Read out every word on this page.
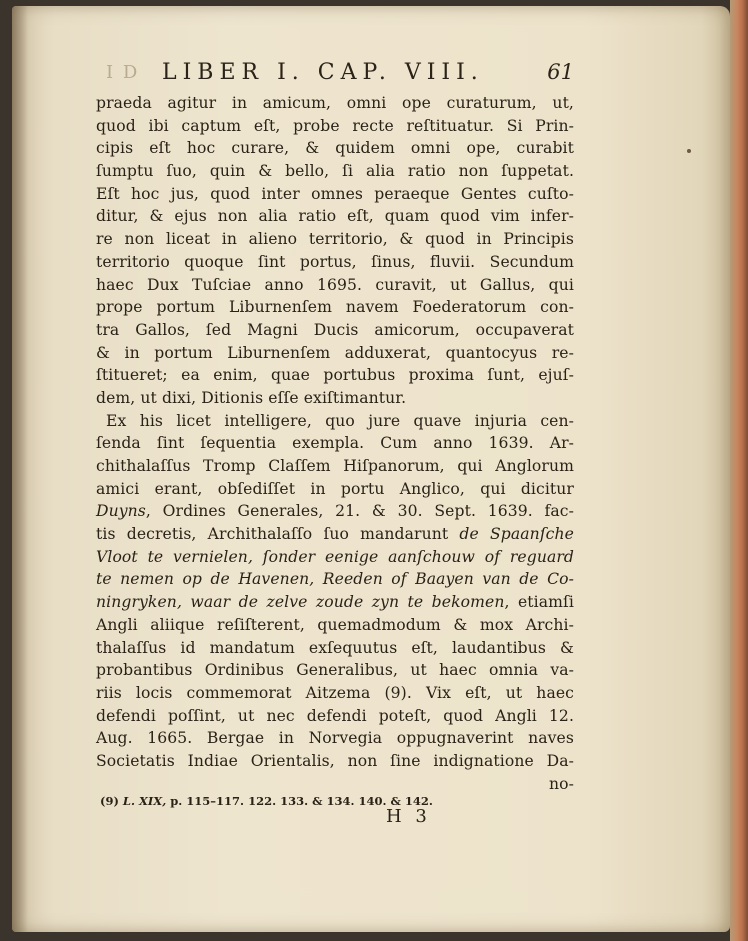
I D LIBER I. CAP. VIII.	61
praeda agitur in amicum, omni ope curaturum, ut,
quod ibi captum eſt, probe recte reſtituatur. Si Prin-
cipis eſt hoc curare, & quidem omni ope, curabit
ſumptu ſuo, quin & bello, ſi alia ratio non ſuppetat.
Eſt hoc jus, quod inter omnes peraeque Gentes cuſto-
ditur, & ejus non alia ratio eſt, quam quod vim infer-
re non liceat in alieno territorio, & quod in Principis
territorio quoque ſint portus, ſinus, fluvii. Secundum
haec Dux Tuſciae anno 1695. curavit, ut Gallus, qui
prope portum Liburnenſem navem Foederatorum con-
tra Gallos, ſed Magni Ducis amicorum, occupaverat
& in portum Liburnenſem adduxerat, quantocyus re-
ſtitueret; ea enim, quae portubus proxima ſunt, ejuſ-
dem, ut dixi, Ditionis eſſe exiſtimantur.
Ex his licet intelligere, quo jure quave injuria cen-
ſenda ſint ſequentia exempla. Cum anno 1639. Ar-
chithalaſſus Tromp Claſſem Hiſpanorum, qui Anglorum
amici erant, obſediſſet in portu Anglico, qui dicitur
Duyns, Ordines Generales, 21. & 30. Sept. 1639. fac-
tis decretis, Archithalaſſo ſuo mandarunt de Spaanſche
Vloot te vernielen, ſonder eenige aanſchouw of reguard
te nemen op de Havenen, Reeden of Baayen van de Co-
ningryken, waar de zelve zoude zyn te bekomen, etiamſi
Angli aliique reſiſterent, quemadmodum & mox Archi-
thalaſſus id mandatum exſequutus eſt, laudantibus &
probantibus Ordinibus Generalibus, ut haec omnia va-
riis locis commemorat Aitzema (9). Vix eſt, ut haec
defendi poſſint, ut nec defendi poteſt, quod Angli 12.
Aug. 1665. Bergae in Norvegia oppugnaverint naves
Societatis Indiae Orientalis, non ſine indignatione Da-
no-
(9) L. XIX, p. 115–117. 122. 133. & 134. 140. & 142.
H 3
